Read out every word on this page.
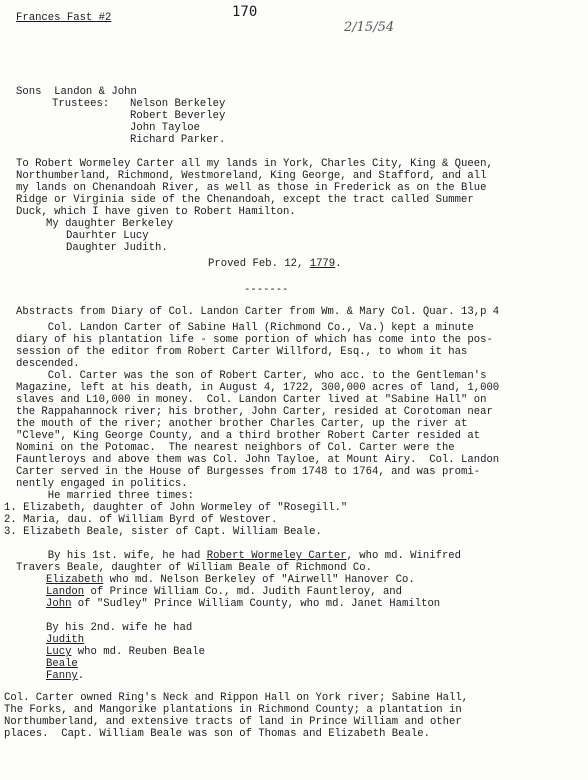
Frances Fast #2	170
2/15/54
Sons  Landon & John
Trustees: Nelson Berkeley
Robert Beverley
John Tayloe
Richard Parker.
To Robert Wormeley Carter all my lands in York, Charles City, King & Queen,
Northumberland, Richmond, Westmoreland, King George, and Stafford, and all
my lands on Chenandoah River, as well as those in Frederick as on the Blue
Ridge or Virginia side of the Chenandoah, except the tract called Summer
Duck, which I have given to Robert Hamilton.
My daughter Berkeley
Daurhter Lucy
Daughter Judith.
Proved Feb. 12, 1779.
-------
Abstracts from Diary of Col. Landon Carter from Wm. & Mary Col. Quar. 13,p 4
Col. Landon Carter of Sabine Hall (Richmond Co., Va.) kept a minute
diary of his plantation life - some portion of which has come into the pos-
session of the editor from Robert Carter Willford, Esq., to whom it has
descended.
Col. Carter was the son of Robert Carter, who acc. to the Gentleman's
Magazine, left at his death, in August 4, 1722, 300,000 acres of land, 1,000
slaves and L10,000 in money.  Col. Landon Carter lived at "Sabine Hall" on
the Rappahannock river; his brother, John Carter, resided at Corotoman near
the mouth of the river; another brother Charles Carter, up the river at
"Cleve", King George County, and a third brother Robert Carter resided at
Nomini on the Potomac.  The nearest neighbors of Col. Carter were the
Fauntleroys and above them was Col. John Tayloe, at Mount Airy.  Col. Landon
Carter served in the House of Burgesses from 1748 to 1764, and was promi-
nently engaged in politics.
He married three times:
1. Elizabeth, daughter of John Wormeley of "Rosegill."
2. Maria, dau. of William Byrd of Westover.
3. Elizabeth Beale, sister of Capt. William Beale.
By his 1st. wife, he had Robert Wormeley Carter, who md. Winifred
Travers Beale, daughter of William Beale of Richmond Co.
Elizabeth who md. Nelson Berkeley of "Airwell" Hanover Co.
Landon of Prince William Co., md. Judith Fauntleroy, and
John of "Sudley" Prince William County, who md. Janet Hamilton
By his 2nd. wife he had
Judith
Lucy who md. Reuben Beale
Beale
Fanny.
Col. Carter owned Ring's Neck and Rippon Hall on York river; Sabine Hall,
The Forks, and Mangorike plantations in Richmond County; a plantation in
Northumberland, and extensive tracts of land in Prince William and other
places.  Capt. William Beale was son of Thomas and Elizabeth Beale.
